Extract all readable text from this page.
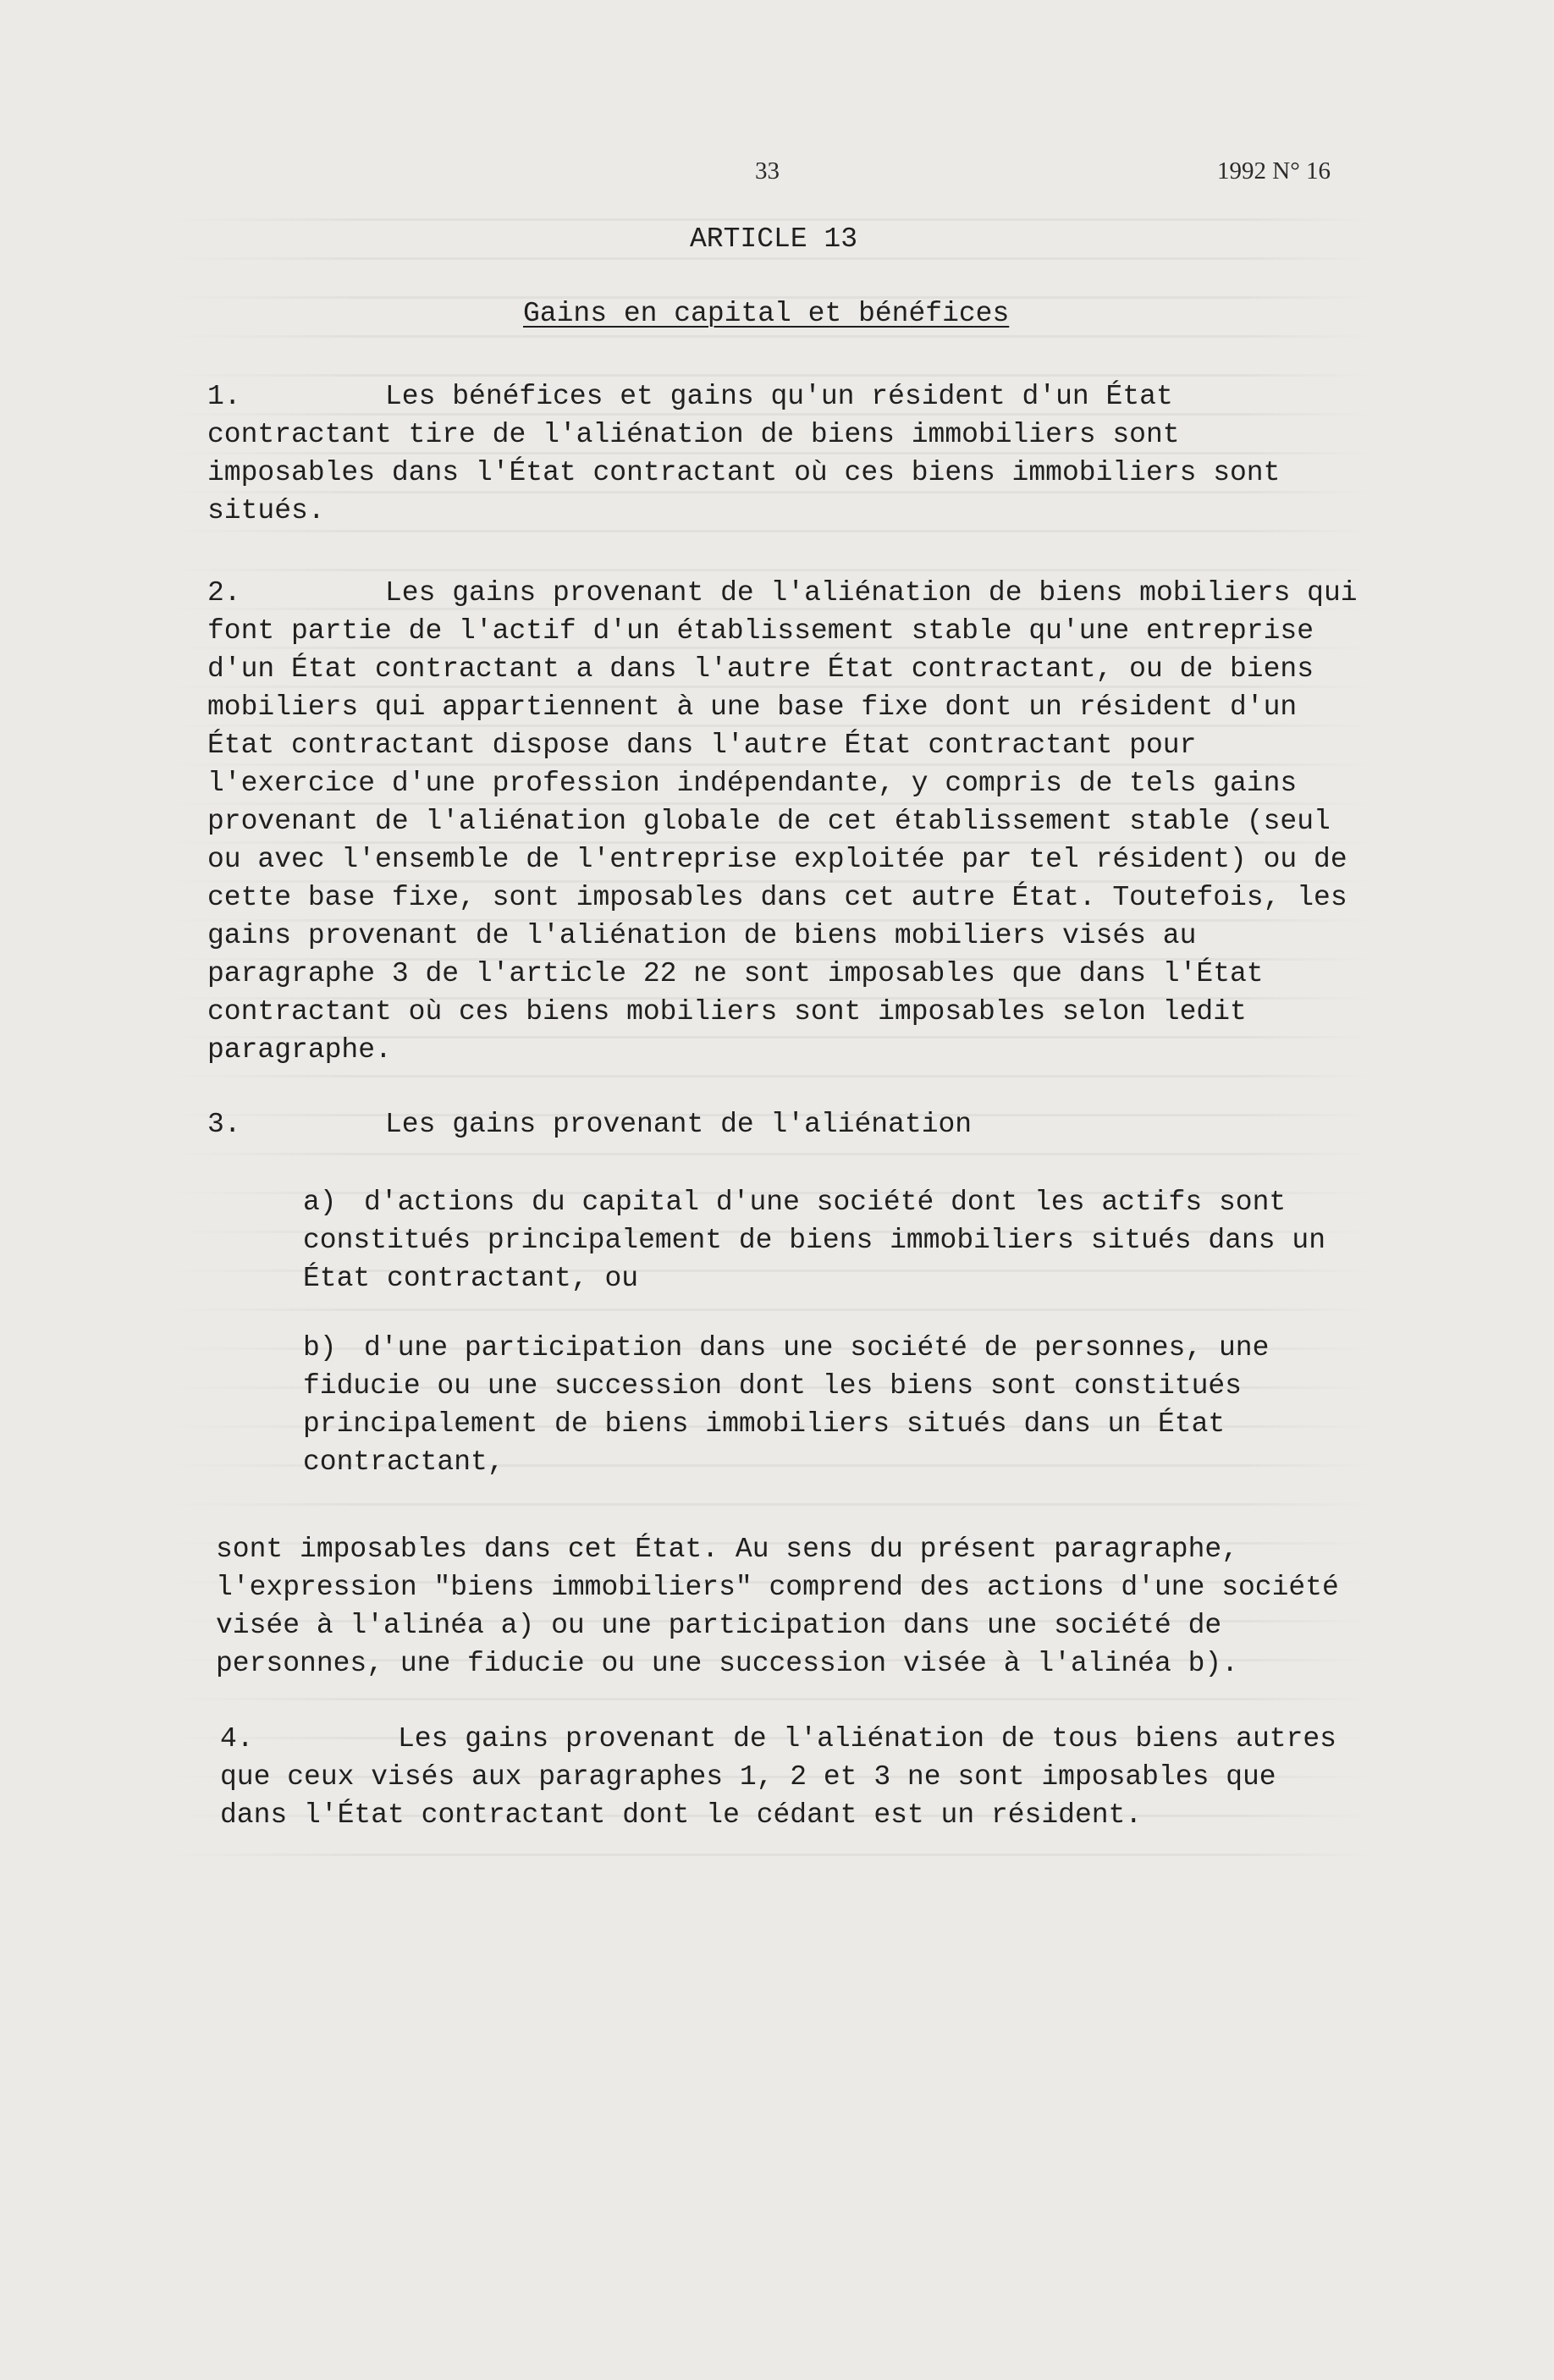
33	1992 N° 16
ARTICLE 13
Gains en capital et bénéfices
1.	Les bénéfices et gains qu'un résident d'un État contractant tire de l'aliénation de biens immobiliers sont imposables dans l'État contractant où ces biens immobiliers sont situés.
2.	Les gains provenant de l'aliénation de biens mobiliers qui font partie de l'actif d'un établissement stable qu'une entreprise d'un État contractant a dans l'autre État contractant, ou de biens mobiliers qui appartiennent à une base fixe dont un résident d'un État contractant dispose dans l'autre État contractant pour l'exercice d'une profession indépendante, y compris de tels gains provenant de l'aliénation globale de cet établissement stable (seul ou avec l'ensemble de l'entreprise exploitée par tel résident) ou de cette base fixe, sont imposables dans cet autre État. Toutefois, les gains provenant de l'aliénation de biens mobiliers visés au paragraphe 3 de l'article 22 ne sont imposables que dans l'État contractant où ces biens mobiliers sont imposables selon ledit paragraphe.
3.	Les gains provenant de l'aliénation
a) d'actions du capital d'une société dont les actifs sont constitués principalement de biens immobiliers situés dans un État contractant, ou
b) d'une participation dans une société de personnes, une fiducie ou une succession dont les biens sont constitués principalement de biens immobiliers situés dans un État contractant,
sont imposables dans cet État. Au sens du présent paragraphe, l'expression "biens immobiliers" comprend des actions d'une société visée à l'alinéa a) ou une participation dans une société de personnes, une fiducie ou une succession visée à l'alinéa b).
4.	Les gains provenant de l'aliénation de tous biens autres que ceux visés aux paragraphes 1, 2 et 3 ne sont imposables que dans l'État contractant dont le cédant est un résident.
